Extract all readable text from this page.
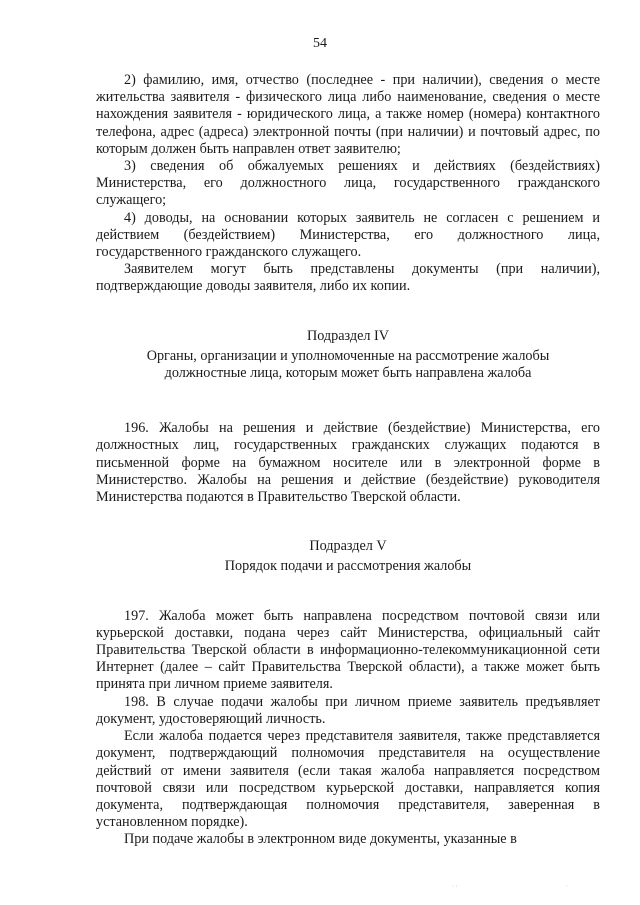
54

2) фамилию, имя, отчество (последнее - при наличии), сведения о месте жительства заявителя - физического лица либо наименование, сведения о месте нахождения заявителя - юридического лица, а также номер (номера) контактного телефона, адрес (адреса) электронной почты (при наличии) и почтовый адрес, по которым должен быть направлен ответ заявителю;

3) сведения об обжалуемых решениях и действиях (бездействиях) Министерства, его должностного лица, государственного гражданского служащего;

4) доводы, на основании которых заявитель не согласен с решением и действием (бездействием) Министерства, его должностного лица, государственного гражданского служащего.

Заявителем могут быть представлены документы (при наличии), подтверждающие доводы заявителя, либо их копии.

Подраздел IV

Органы, организации и уполномоченные на рассмотрение жалобы

должностные лица, которым может быть направлена жалоба

196. Жалобы на решения и действие (бездействие) Министерства, его должностных лиц, государственных гражданских служащих подаются в письменной форме на бумажном носителе или в электронной форме в Министерство. Жалобы на решения и действие (бездействие) руководителя Министерства подаются в Правительство Тверской области.

Подраздел V

Порядок подачи и рассмотрения жалобы

197. Жалоба может быть направлена посредством почтовой связи или курьерской доставки, подана через сайт Министерства, официальный сайт Правительства Тверской области в информационно-телекоммуникационной сети Интернет (далее – сайт Правительства Тверской области), а также может быть принята при личном приеме заявителя.

198. В случае подачи жалобы при личном приеме заявитель предъявляет документ, удостоверяющий личность.

Если жалоба подается через представителя заявителя, также представляется документ, подтверждающий полномочия представителя на осуществление действий от имени заявителя (если такая жалоба направляется посредством почтовой связи или посредством курьерской доставки, направляется копия документа, подтверждающая полномочия представителя, заверенная в установленном порядке).

При подаче жалобы в электронном виде документы, указанные в

· ·	·
